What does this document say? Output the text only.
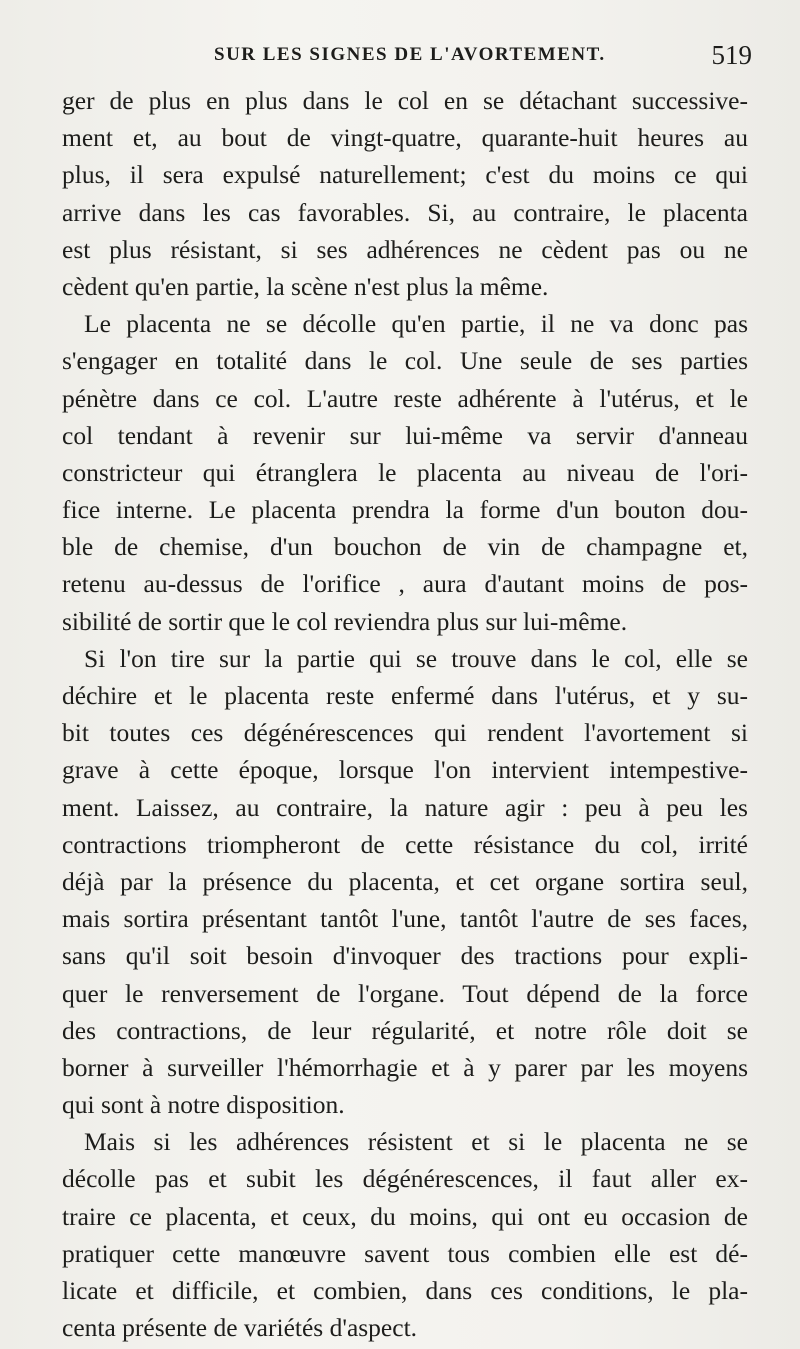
SUR LES SIGNES DE L'AVORTEMENT.	519
ger de plus en plus dans le col en se détachant successive-
ment et, au bout de vingt-quatre, quarante-huit heures au
plus, il sera expulsé naturellement; c'est du moins ce qui
arrive dans les cas favorables. Si, au contraire, le placenta
est plus résistant, si ses adhérences ne cèdent pas ou ne
cèdent qu'en partie, la scène n'est plus la même.
Le placenta ne se décolle qu'en partie, il ne va donc pas
s'engager en totalité dans le col. Une seule de ses parties
pénètre dans ce col. L'autre reste adhérente à l'utérus, et le
col tendant à revenir sur lui-même va servir d'anneau
constricteur qui étranglera le placenta au niveau de l'ori-
fice interne. Le placenta prendra la forme d'un bouton dou-
ble de chemise, d'un bouchon de vin de champagne et,
retenu au-dessus de l'orifice , aura d'autant moins de pos-
sibilité de sortir que le col reviendra plus sur lui-même.
Si l'on tire sur la partie qui se trouve dans le col, elle se
déchire et le placenta reste enfermé dans l'utérus, et y su-
bit toutes ces dégénérescences qui rendent l'avortement si
grave à cette époque, lorsque l'on intervient intempestive-
ment. Laissez, au contraire, la nature agir : peu à peu les
contractions triompheront de cette résistance du col, irrité
déjà par la présence du placenta, et cet organe sortira seul,
mais sortira présentant tantôt l'une, tantôt l'autre de ses faces,
sans qu'il soit besoin d'invoquer des tractions pour expli-
quer le renversement de l'organe. Tout dépend de la force
des contractions, de leur régularité, et notre rôle doit se
borner à surveiller l'hémorrhagie et à y parer par les moyens
qui sont à notre disposition.
Mais si les adhérences résistent et si le placenta ne se
décolle pas et subit les dégénérescences, il faut aller ex-
traire ce placenta, et ceux, du moins, qui ont eu occasion de
pratiquer cette manœuvre savent tous combien elle est dé-
licate et difficile, et combien, dans ces conditions, le pla-
centa présente de variétés d'aspect.
